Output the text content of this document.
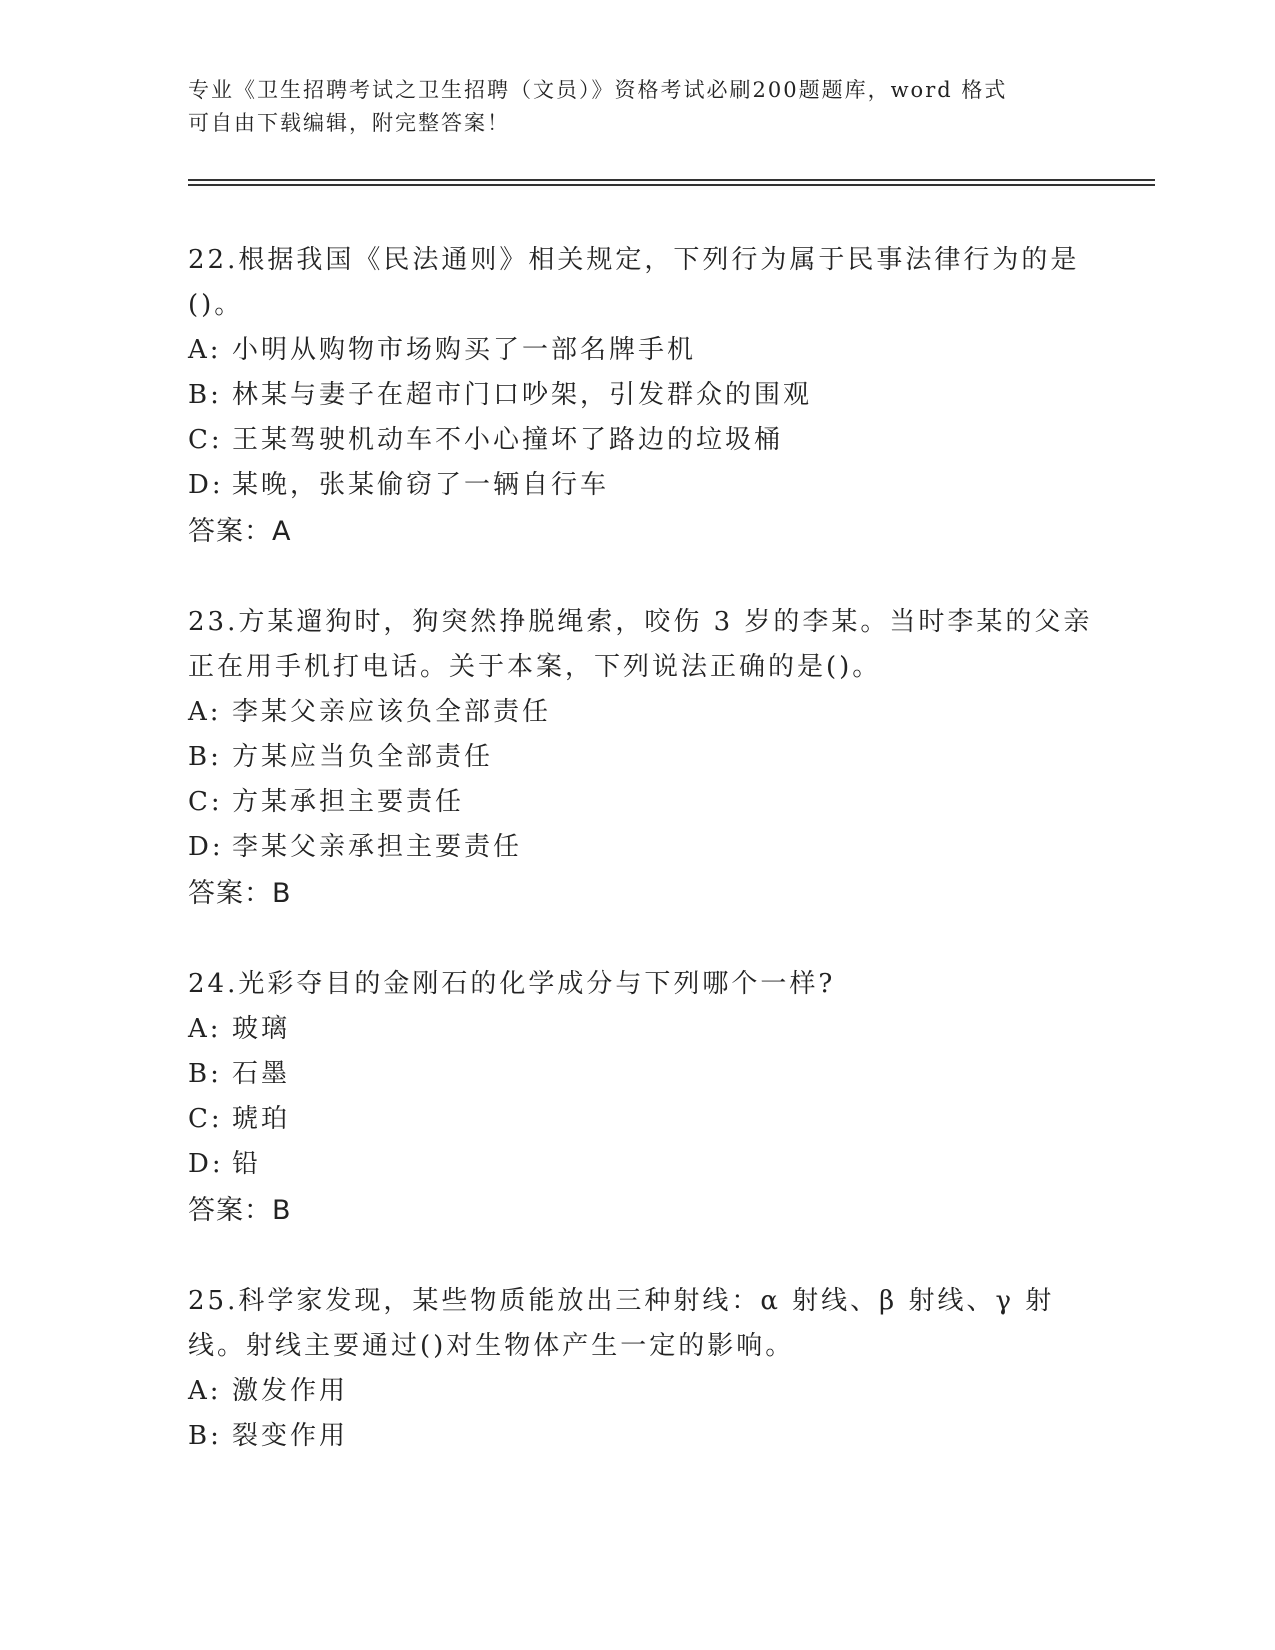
专业《卫生招聘考试之卫生招聘（文员）》资格考试必刷200题题库，word 格式
可自由下载编辑，附完整答案！
22.根据我国《民法通则》相关规定，下列行为属于民事法律行为的是
()。
A: 小明从购物市场购买了一部名牌手机
B: 林某与妻子在超市门口吵架，引发群众的围观
C: 王某驾驶机动车不小心撞坏了路边的垃圾桶
D: 某晚，张某偷窃了一辆自行车
答案：A
23.方某遛狗时，狗突然挣脱绳索，咬伤 3 岁的李某。当时李某的父亲
正在用手机打电话。关于本案，下列说法正确的是()。
A: 李某父亲应该负全部责任
B: 方某应当负全部责任
C: 方某承担主要责任
D: 李某父亲承担主要责任
答案：B
24.光彩夺目的金刚石的化学成分与下列哪个一样?
A: 玻璃
B: 石墨
C: 琥珀
D: 铅
答案：B
25.科学家发现，某些物质能放出三种射线：α 射线、β 射线、γ 射
线。射线主要通过()对生物体产生一定的影响。
A: 激发作用
B: 裂变作用
